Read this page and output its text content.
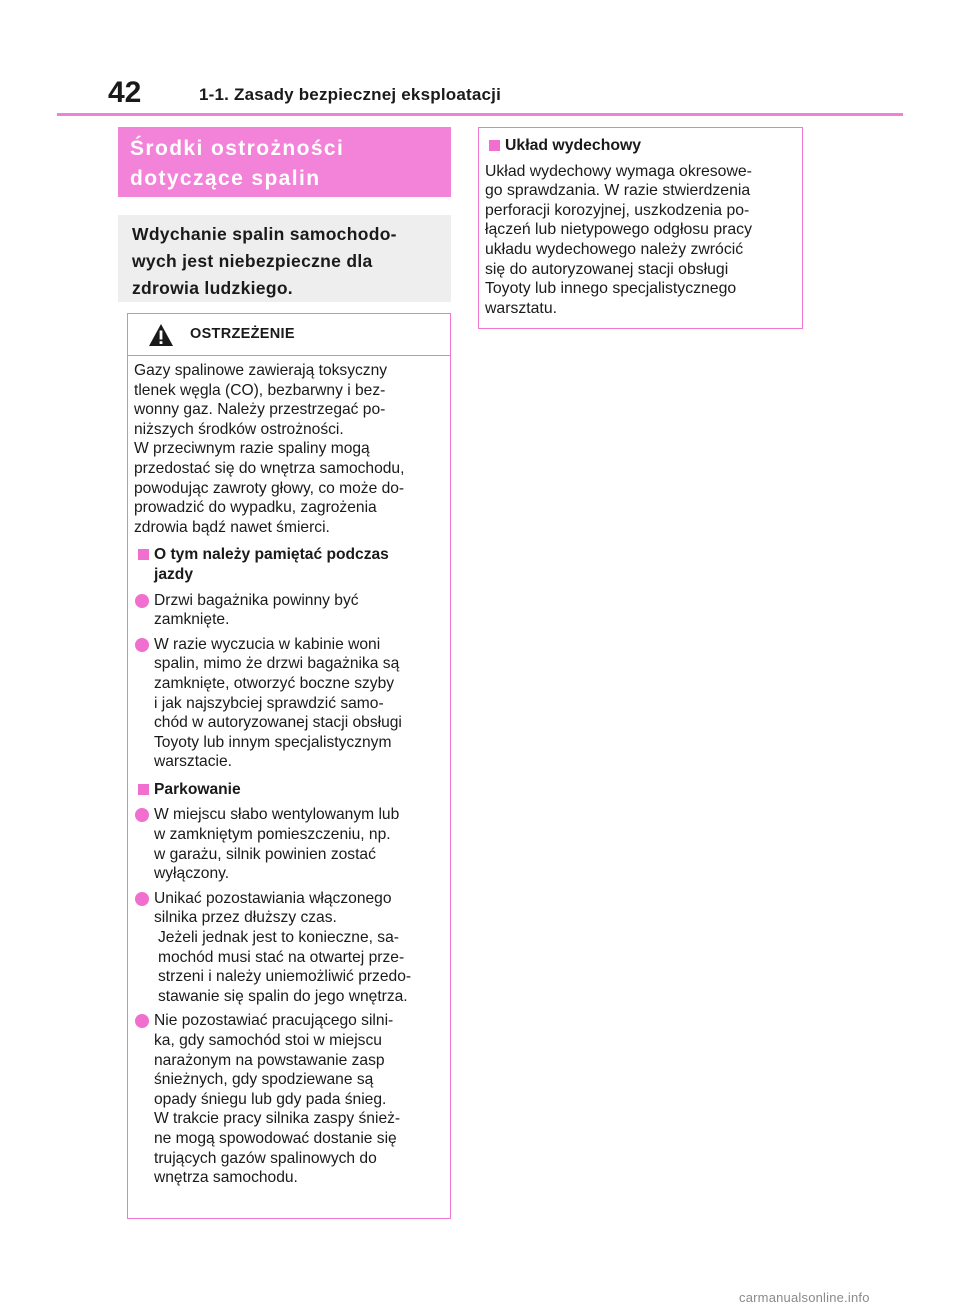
42	1-1. Zasady bezpiecznej eksploatacji
Środki ostrożności
dotyczące spalin
Wdychanie spalin samochodo-
wych jest niebezpieczne dla
zdrowia ludzkiego.
OSTRZEŻENIE
Gazy spalinowe zawierają toksyczny
tlenek węgla (CO), bezbarwny i bez-
wonny gaz. Należy przestrzegać po-
niższych środków ostrożności.
W przeciwnym razie spaliny mogą
przedostać się do wnętrza samochodu,
powodując zawroty głowy, co może do-
prowadzić do wypadku, zagrożenia
zdrowia bądź nawet śmierci.
O tym należy pamiętać podczas
jazdy
Drzwi bagażnika powinny być
zamknięte.
W razie wyczucia w kabinie woni
spalin, mimo że drzwi bagażnika są
zamknięte, otworzyć boczne szyby
i jak najszybciej sprawdzić samo-
chód w autoryzowanej stacji obsługi
Toyoty lub innym specjalistycznym
warsztacie.
Parkowanie
W miejscu słabo wentylowanym lub
w zamkniętym pomieszczeniu, np.
w garażu, silnik powinien zostać
wyłączony.
Unikać pozostawiania włączonego
silnika przez dłuższy czas.
Jeżeli jednak jest to konieczne, sa-
mochód musi stać na otwartej prze-
strzeni i należy uniemożliwić przedo-
stawanie się spalin do jego wnętrza.
Nie pozostawiać pracującego silni-
ka, gdy samochód stoi w miejscu
narażonym na powstawanie zasp
śnieżnych, gdy spodziewane są
opady śniegu lub gdy pada śnieg.
W trakcie pracy silnika zaspy śnież-
ne mogą spowodować dostanie się
trujących gazów spalinowych do
wnętrza samochodu.
Układ wydechowy
Układ wydechowy wymaga okresowe-
go sprawdzania. W razie stwierdzenia
perforacji korozyjnej, uszkodzenia po-
łączeń lub nietypowego odgłosu pracy
układu wydechowego należy zwrócić
się do autoryzowanej stacji obsługi
Toyoty lub innego specjalistycznego
warsztatu.
carmanualsonline.info
